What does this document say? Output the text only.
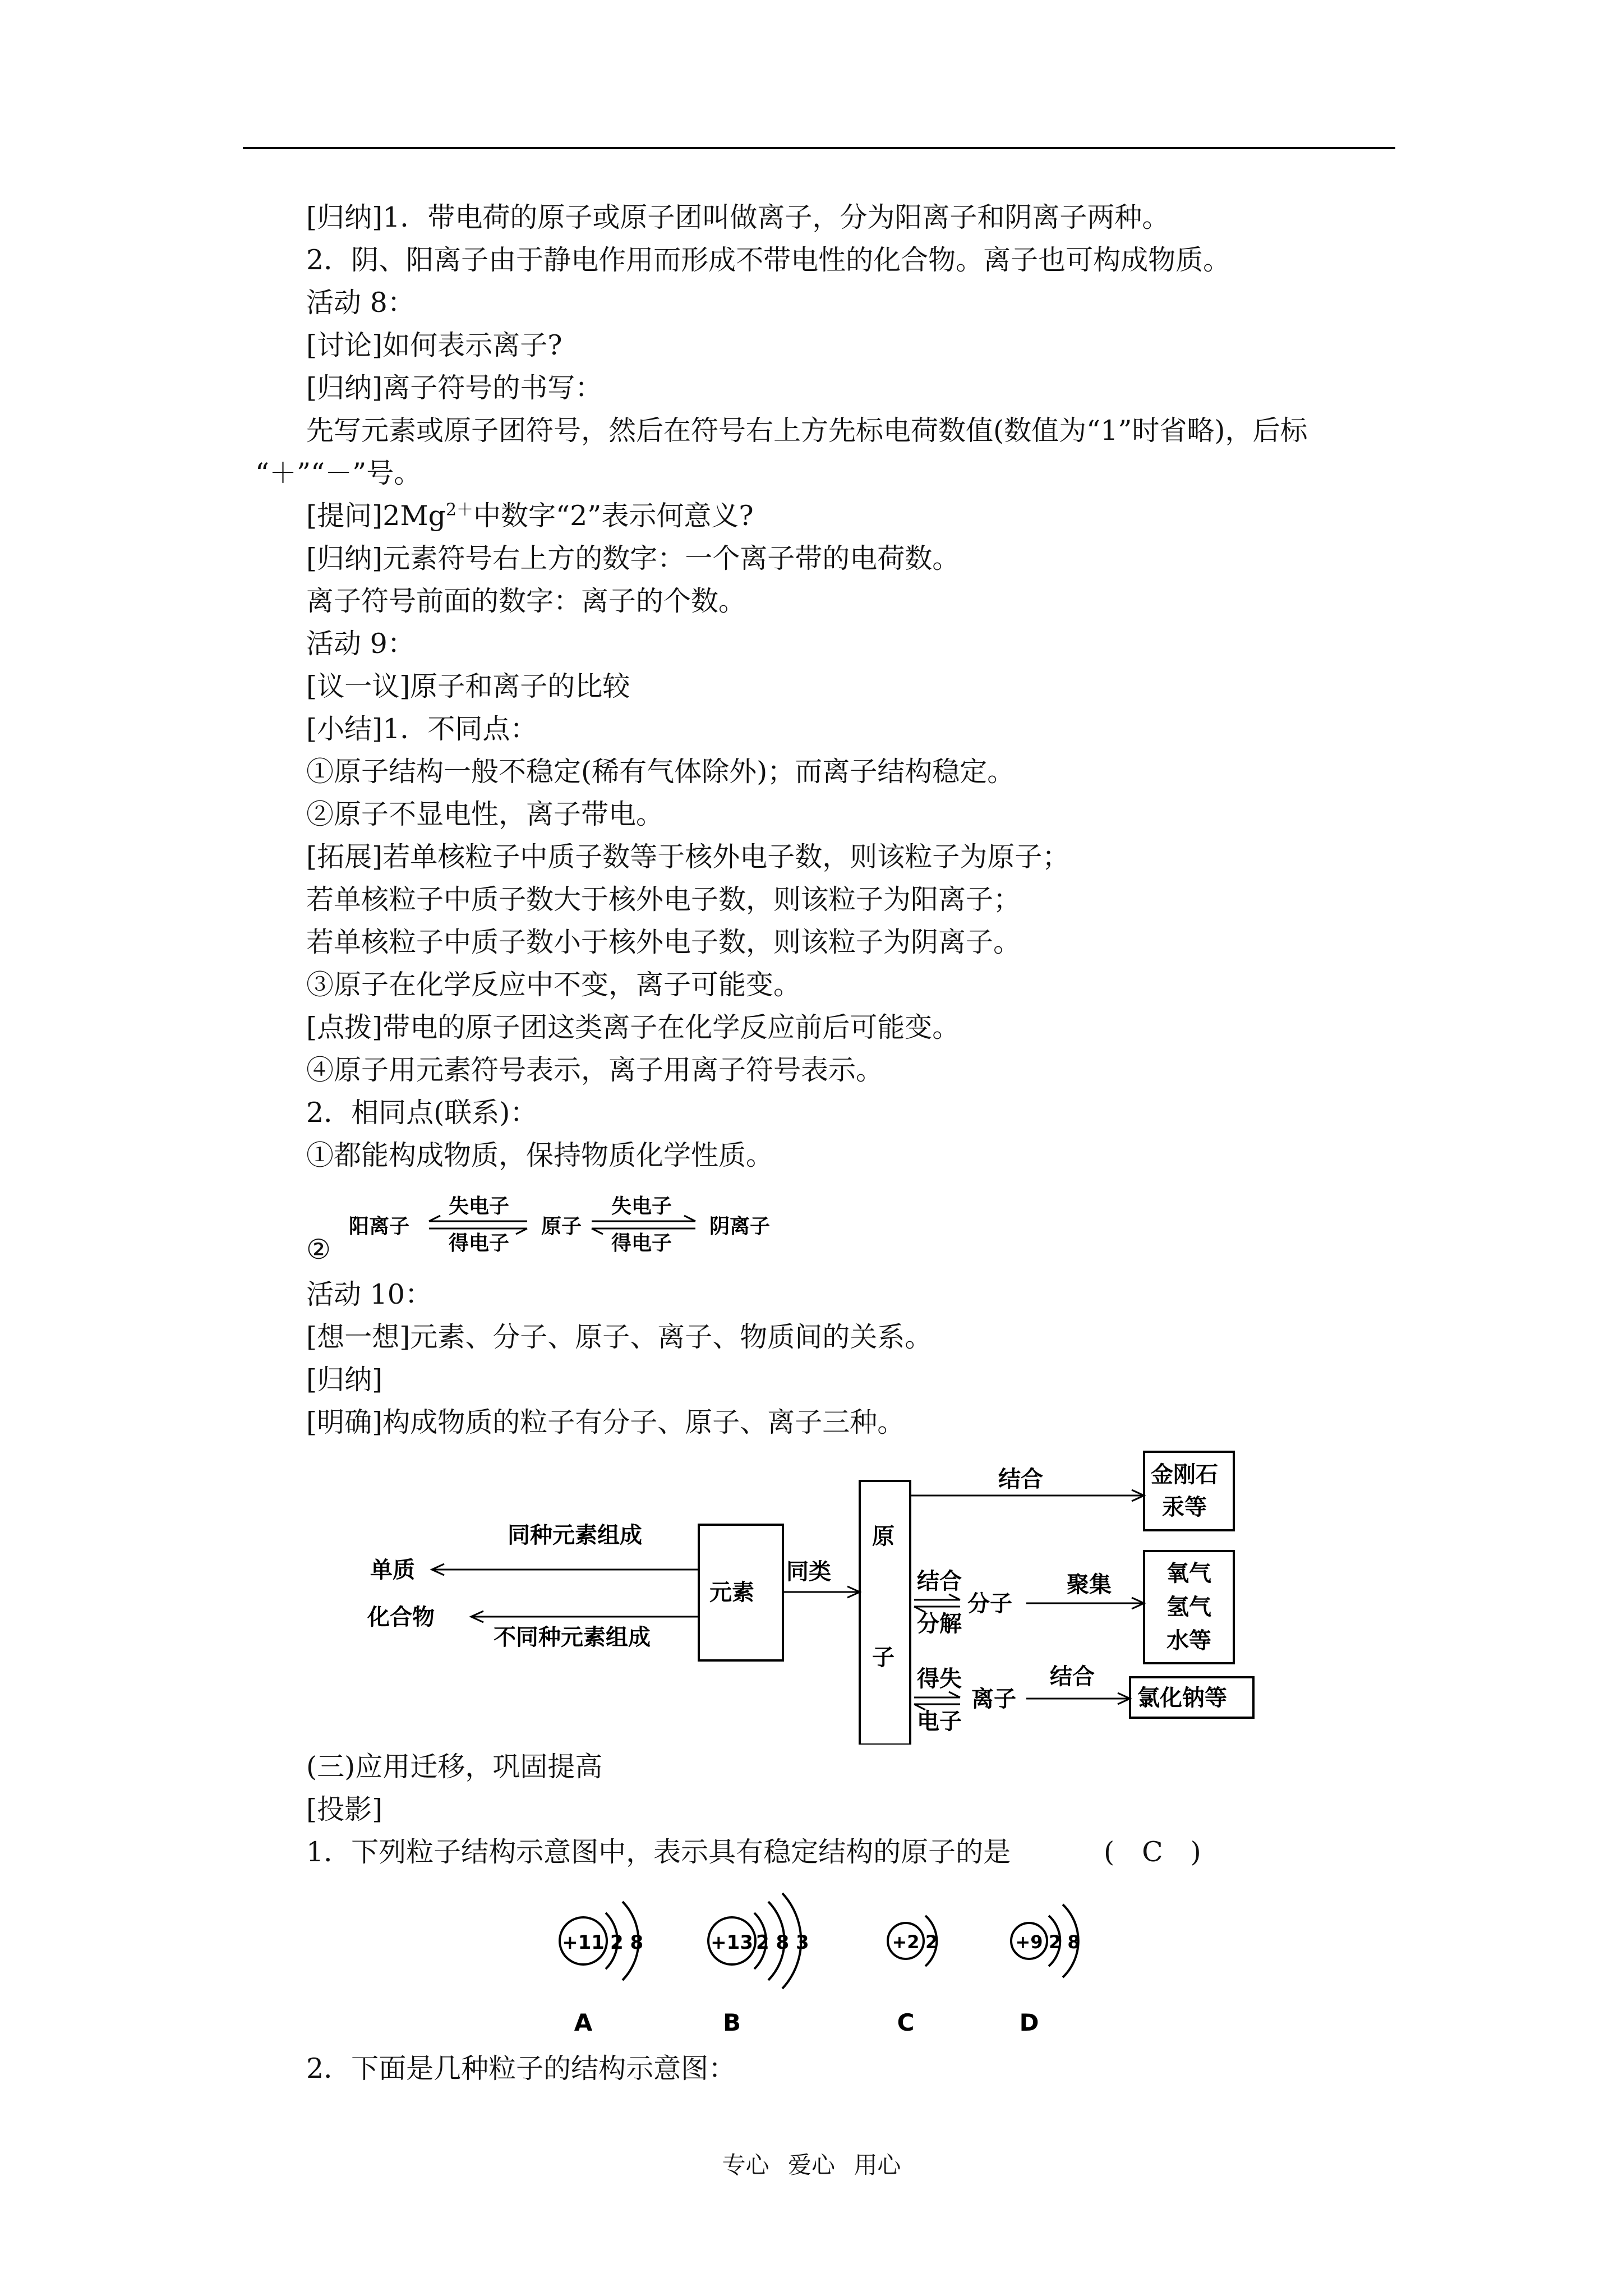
[归纳]1．带电荷的原子或原子团叫做离子，分为阳离子和阴离子两种。
2．阴、阳离子由于静电作用而形成不带电性的化合物。离子也可构成物质。
活动 8：
[讨论]如何表示离子?
[归纳]离子符号的书写：
先写元素或原子团符号，然后在符号右上方先标电荷数值(数值为“1”时省略)，后标
“＋”“－”号。
[提问]$2Mg^{2+}$中数字“2”表示何意义?
[归纳]元素符号右上方的数字：一个离子带的电荷数。
离子符号前面的数字：离子的个数。
活动 9：
[议一议]原子和离子的比较
[小结]1．不同点：
①原子结构一般不稳定(稀有气体除外)；而离子结构稳定。
②原子不显电性，离子带电。
[拓展]若单核粒子中质子数等于核外电子数，则该粒子为原子；
若单核粒子中质子数大于核外电子数，则该粒子为阳离子；
若单核粒子中质子数小于核外电子数，则该粒子为阴离子。
③原子在化学反应中不变，离子可能变。
[点拨]带电的原子团这类离子在化学反应前后可能变。
④原子用元素符号表示，离子用离子符号表示。
2．相同点(联系)：
①都能构成物质，保持物质化学性质。
②
阳离子
失电子
得电子
原子
失电子
得电子
阴离子
活动 10：
[想一想]元素、分子、原子、离子、物质间的关系。
[归纳]
[明确]构成物质的粒子有分子、原子、离子三种。
单质
化合物
同种元素组成
不同种元素组成
元素
同类
原
子
结合
结合
分解
分子
聚集
得失
电子
离子
结合
金刚石
汞等
氧气
氢气
水等
氯化钠等
(三)应用迁移，巩固提高
[投影]
1．下列粒子结构示意图中，表示具有稳定结构的原子的是	(　C　)
+11 2 8
A
+13 2 8 3
B
+2 2
C
+9 2 8
D
2．下面是几种粒子的结构示意图：
专心 爱心 用心
